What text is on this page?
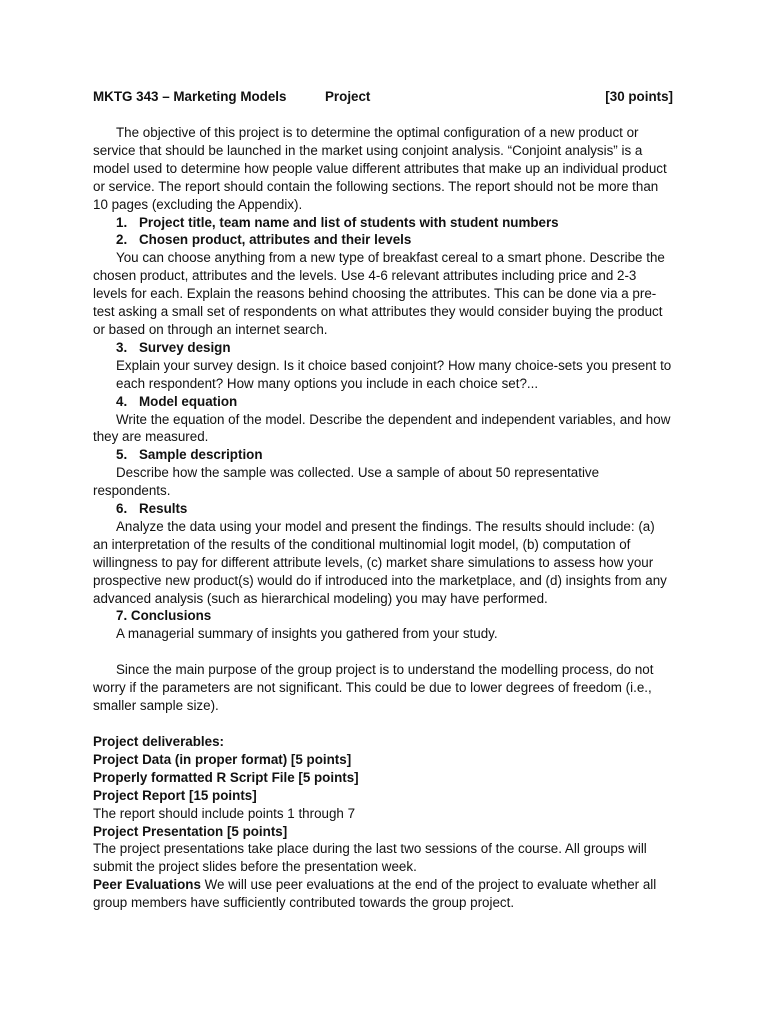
MKTG 343 – Marketing Models	Project	[30 points]

The objective of this project is to determine the optimal configuration of a new product or service that should be launched in the market using conjoint analysis. “Conjoint analysis” is a model used to determine how people value different attributes that make up an individual product or service. The report should contain the following sections. The report should not be more than 10 pages (excluding the Appendix).

1. Project title, team name and list of students with student numbers

2. Chosen product, attributes and their levels

You can choose anything from a new type of breakfast cereal to a smart phone. Describe the chosen product, attributes and the levels. Use 4-6 relevant attributes including price and 2-3 levels for each. Explain the reasons behind choosing the attributes. This can be done via a pre-test asking a small set of respondents on what attributes they would consider buying the product or based on through an internet search.

3. Survey design

Explain your survey design. Is it choice based conjoint? How many choice-sets you present to each respondent? How many options you include in each choice set?...

4. Model equation

Write the equation of the model. Describe the dependent and independent variables, and how they are measured.

5. Sample description

Describe how the sample was collected. Use a sample of about 50 representative respondents.

6. Results

Analyze the data using your model and present the findings. The results should include: (a) an interpretation of the results of the conditional multinomial logit model, (b) computation of willingness to pay for different attribute levels, (c) market share simulations to assess how your prospective new product(s) would do if introduced into the marketplace, and (d) insights from any advanced analysis (such as hierarchical modeling) you may have performed.

7. Conclusions

A managerial summary of insights you gathered from your study.

Since the main purpose of the group project is to understand the modelling process, do not worry if the parameters are not significant. This could be due to lower degrees of freedom (i.e., smaller sample size).

Project deliverables:

Project Data (in proper format) [5 points]

Properly formatted R Script File [5 points]

Project Report [15 points]

The report should include points 1 through 7

Project Presentation [5 points]

The project presentations take place during the last two sessions of the course. All groups will submit the project slides before the presentation week.

Peer Evaluations We will use peer evaluations at the end of the project to evaluate whether all group members have sufficiently contributed towards the group project.
